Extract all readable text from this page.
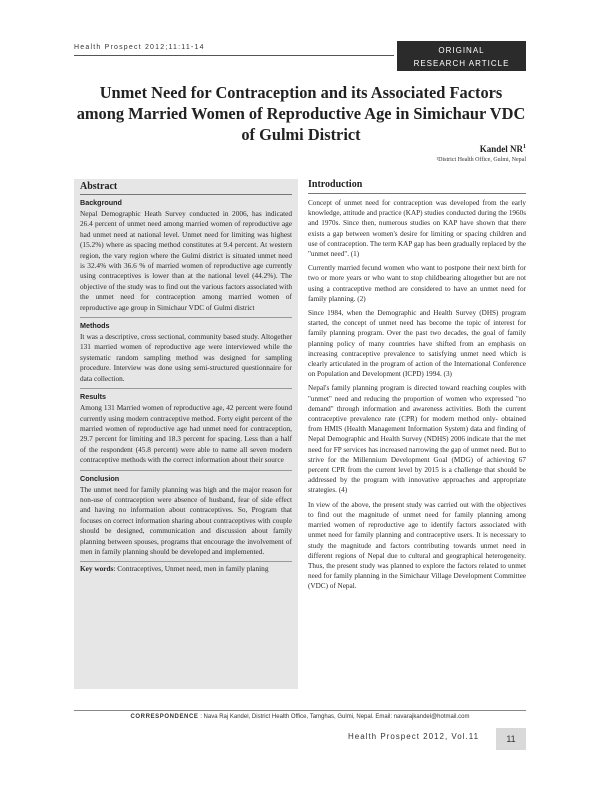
Health Prospect 2012;11:11-14	ORIGINAL
RESEARCH ARTICLE
Unmet Need for Contraception and its Associated Factors among Married Women of Reproductive Age in Simichaur VDC of Gulmi District
Kandel $NR^1$
¹District Health Office, Gulmi, Nepal
Abstract
Background

Nepal Demographic Heath Survey conducted in 2006, has indicated 26.4 percent of unmet need among married women of reproductive age had unmet need at national level. Unmet need for limiting was highest (15.2%) where as spacing method constitutes at 9.4 percent. At western region, the vary region where the Gulmi district is situated unmet need is 32.4% with 36.6 % of married women of reproductive age currently using contraceptives is lower than at the national level (44.2%). The objective of the study was to find out the various factors associated with the unmet need for contraception among married women of reproductive age group in Simichaur VDC of Gulmi district

Methods

It was a descriptive, cross sectional, community based study. Altogether 131 married women of reproductive age were interviewed while the systematic random sampling method was designed for sampling procedure. Interview was done using semi-structured questionnaire for data collection.

Results

Among 131 Married women of reproductive age, 42 percent were found currently using modern contraceptive method. Forty eight percent of the married women of reproductive age had unmet need for contraception, 29.7 percent for limiting and 18.3 percent for spacing. Less than a half of the respondent (45.8 percent) were able to name all seven modern contraceptive methods with the correct information about their source

Conclusion

The unmet need for family planning was high and the major reason for non-use of contraception were absence of husband, fear of side effect and having no information about contraceptives. So, Program that focuses on correct information sharing about contraceptives with couple should be designed, communication and discussion about family planning between spouses, programs that encourage the involvement of men in family planning should be developed and implemented.

Key words: Contraceptives, Unmet need, men in family planing

Introduction

Concept of unmet need for contraception was developed from the early knowledge, attitude and practice (KAP) studies conducted during the 1960s and 1970s. Since then, numerous studies on KAP have shown that there exists a gap between women's desire for limiting or spacing children and use of contraception. The term KAP gap has been gradually replaced by the "unmet need". (1)

Currently married fecund women who want to postpone their next birth for two or more years or who want to stop childbearing altogether but are not using a contraceptive method are considered to have an unmet need for family planning. (2)

Since 1984, when the Demographic and Health Survey (DHS) program started, the concept of unmet need has become the topic of interest for family planning program. Over the past two decades, the goal of family planning policy of many countries have shifted from an emphasis on increasing contraceptive prevalence to satisfying unmet need which is clearly articulated in the program of action of the International Conference on Population and Development (ICPD) 1994. (3)

Nepal's family planning program is directed toward reaching couples with "unmet" need and reducing the proportion of women who expressed "no demand" through information and awareness activities. Both the current contraceptive prevalence rate (CPR) for modern method only- obtained from HMIS (Health Management Information System) data and finding of Nepal Demographic and Health Survey (NDHS) 2006 indicate that the met need for FP services has increased narrowing the gap of unmet need. But to strive for the Millennium Development Goal (MDG) of achieving 67 percent CPR from the current level by 2015 is a challenge that should be addressed by the program with innovative approaches and appropriate strategies. (4)

In view of the above, the present study was carried out with the objectives to find out the magnitude of unmet need for family planning among married women of reproductive age to identify factors associated with unmet need for family planning and contraceptive users. It is necessary to study the magnitude and factors contributing towards unmet need in different regions of Nepal due to cultural and geographical heterogeneity. Thus, the present study was planned to explore the factors related to unmet need for family planning in the Simichaur Village Development Committee (VDC) of Nepal.

CORRESPONDENCE : Nava Raj Kandel, District Health Office, Tamghas, Gulmi, Nepal. Email: navarajkandel@hotmail.com
Health Prospect 2012, Vol.11	11
